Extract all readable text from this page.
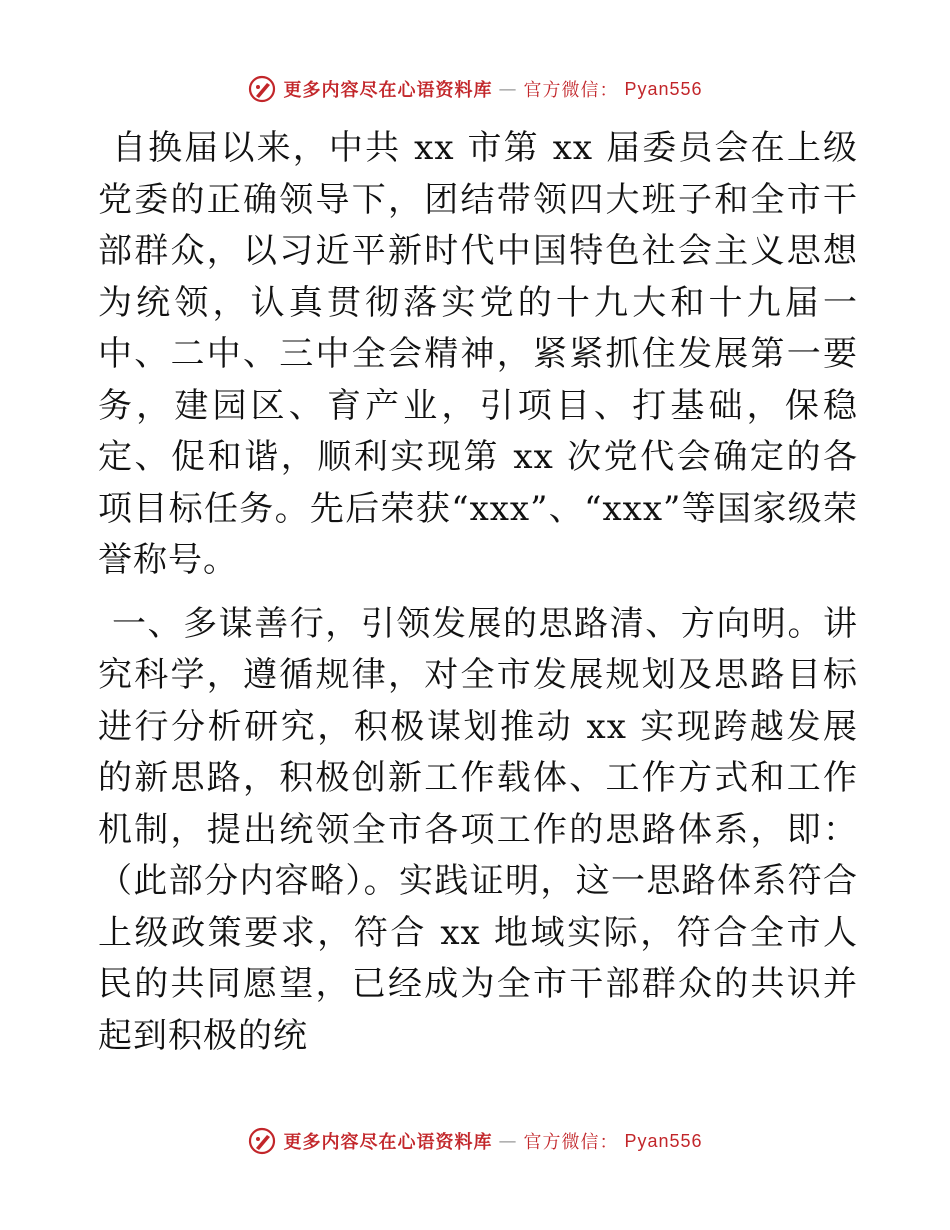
更多内容尽在心语资料库 — 官方微信： Pyan556

自换届以来，中共 xx 市第 xx 届委员会在上级党委的正确领导下，团结带领四大班子和全市干部群众，以习近平新时代中国特色社会主义思想为统领，认真贯彻落实党的十九大和十九届一中、二中、三中全会精神，紧紧抓住发展第一要务，建园区、育产业，引项目、打基础，保稳定、促和谐，顺利实现第 xx 次党代会确定的各项目标任务。先后荣获“xxx”、“xxx”等国家级荣誉称号。

一、多谋善行，引领发展的思路清、方向明。讲究科学，遵循规律，对全市发展规划及思路目标进行分析研究，积极谋划推动 xx 实现跨越发展的新思路，积极创新工作载体、工作方式和工作机制，提出统领全市各项工作的思路体系，即：（此部分内容略）。实践证明，这一思路体系符合上级政策要求，符合 xx 地域实际，符合全市人民的共同愿望，已经成为全市干部群众的共识并起到积极的统

更多内容尽在心语资料库 — 官方微信： Pyan556
